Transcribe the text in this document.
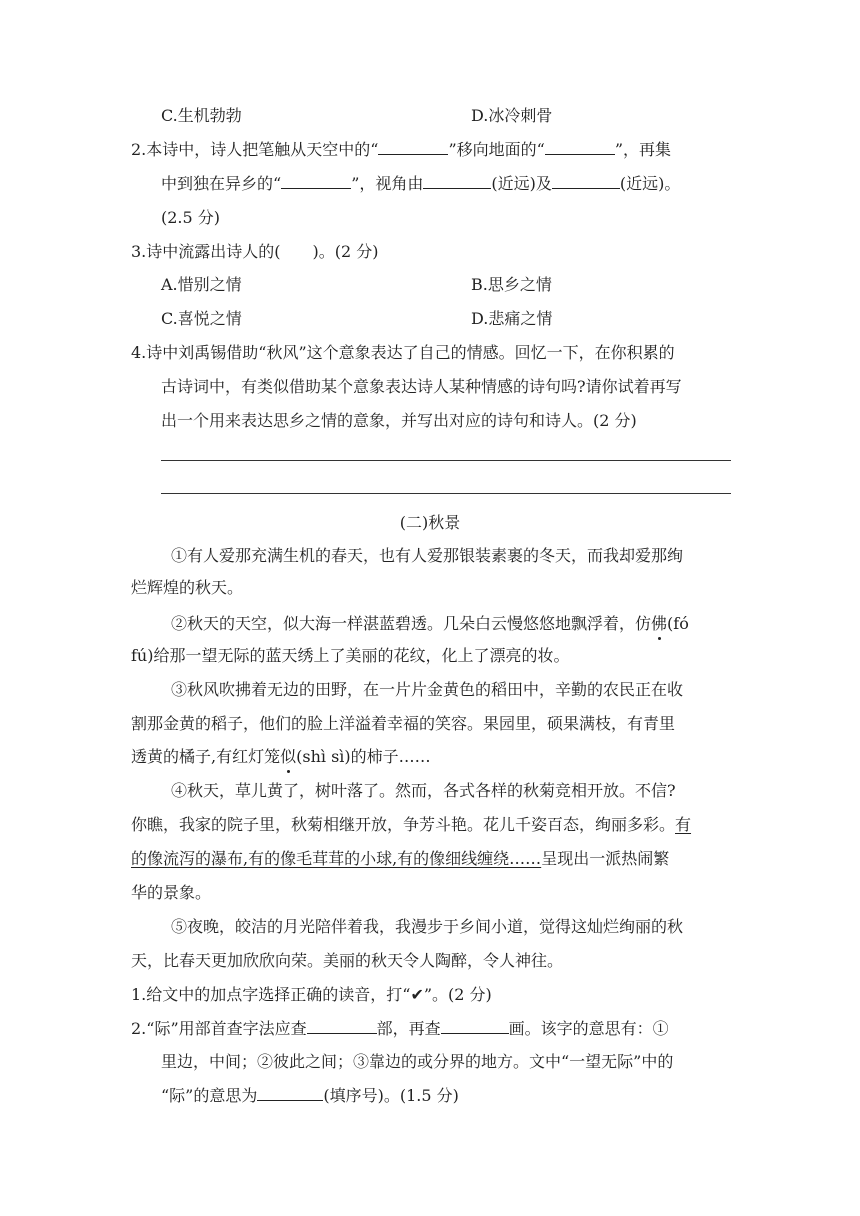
C.生机勃勃	D.冰冷刺骨
2.本诗中，诗人把笔触从天空中的“	”移向地面的“	”，再集
中到独在异乡的“	”，视角由	(近远)及	(近远)。
(2.5 分)
3.诗中流露出诗人的(　　)。(2 分)
A.惜别之情	B.思乡之情
C.喜悦之情	D.悲痛之情
4.诗中刘禹锡借助“秋风”这个意象表达了自己的情感。回忆一下，在你积累的
古诗词中，有类似借助某个意象表达诗人某种情感的诗句吗?请你试着再写
出一个用来表达思乡之情的意象，并写出对应的诗句和诗人。(2 分)
(二)秋景
①有人爱那充满生机的春天，也有人爱那银装素裹的冬天，而我却爱那绚
烂辉煌的秋天。
②秋天的天空，似大海一样湛蓝碧透。几朵白云慢悠悠地飘浮着，仿佛(fó
fú)给那一望无际的蓝天绣上了美丽的花纹，化上了漂亮的妆。
③秋风吹拂着无边的田野，在一片片金黄色的稻田中，辛勤的农民正在收
割那金黄的稻子，他们的脸上洋溢着幸福的笑容。果园里，硕果满枝，有青里
透黄的橘子,有红灯笼似(shì sì)的柿子……
④秋天，草儿黄了，树叶落了。然而，各式各样的秋菊竞相开放。不信?
你瞧，我家的院子里，秋菊相继开放，争芳斗艳。花儿千姿百态，绚丽多彩。有
的像流泻的瀑布,有的像毛茸茸的小球,有的像细线缠绕……呈现出一派热闹繁
华的景象。
⑤夜晚，皎洁的月光陪伴着我，我漫步于乡间小道，觉得这灿烂绚丽的秋
天，比春天更加欣欣向荣。美丽的秋天令人陶醉，令人神往。
1.给文中的加点字选择正确的读音，打“✔”。(2 分)
2.“际”用部首查字法应查	部，再查	画。该字的意思有：①
里边，中间；②彼此之间；③靠边的或分界的地方。文中“一望无际”中的
“际”的意思为	(填序号)。(1.5 分)
